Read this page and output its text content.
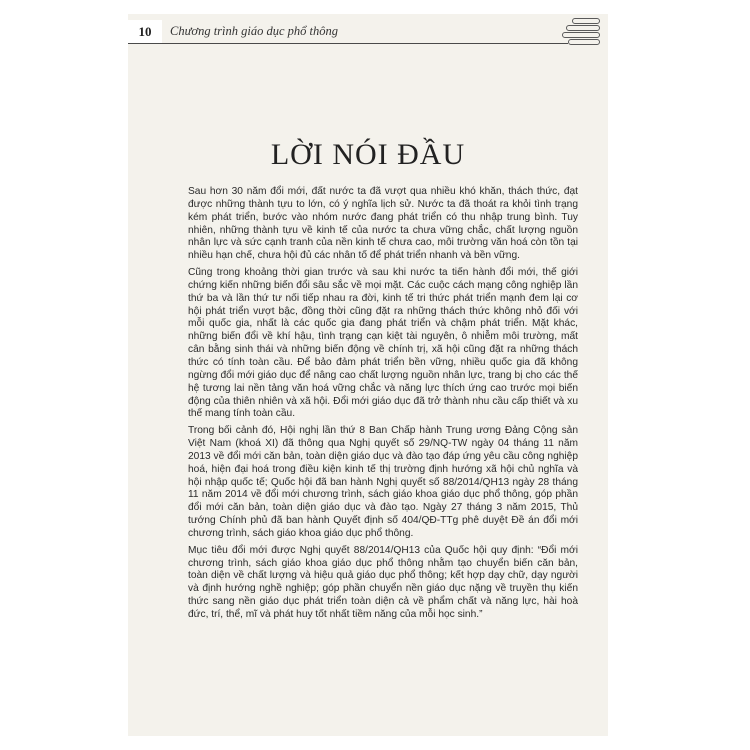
10	Chương trình giáo dục phổ thông
LỜI NÓI ĐẦU

Sau hơn 30 năm đổi mới, đất nước ta đã vượt qua nhiều khó khăn, thách thức, đạt được những thành tựu to lớn, có ý nghĩa lịch sử. Nước ta đã thoát ra khỏi tình trạng kém phát triển, bước vào nhóm nước đang phát triển có thu nhập trung bình. Tuy nhiên, những thành tựu về kinh tế của nước ta chưa vững chắc, chất lượng nguồn nhân lực và sức cạnh tranh của nền kinh tế chưa cao, môi trường văn hoá còn tồn tại nhiều hạn chế, chưa hội đủ các nhân tố để phát triển nhanh và bền vững.

Cũng trong khoảng thời gian trước và sau khi nước ta tiến hành đổi mới, thế giới chứng kiến những biến đổi sâu sắc về mọi mặt. Các cuộc cách mạng công nghiệp lần thứ ba và lần thứ tư nối tiếp nhau ra đời, kinh tế tri thức phát triển mạnh đem lại cơ hội phát triển vượt bậc, đồng thời cũng đặt ra những thách thức không nhỏ đối với mỗi quốc gia, nhất là các quốc gia đang phát triển và chậm phát triển. Mặt khác, những biến đổi về khí hậu, tình trạng cạn kiệt tài nguyên, ô nhiễm môi trường, mất cân bằng sinh thái và những biến động về chính trị, xã hội cũng đặt ra những thách thức có tính toàn cầu. Để bảo đảm phát triển bền vững, nhiều quốc gia đã không ngừng đổi mới giáo dục để nâng cao chất lượng nguồn nhân lực, trang bị cho các thế hệ tương lai nền tảng văn hoá vững chắc và năng lực thích ứng cao trước mọi biến động của thiên nhiên và xã hội. Đổi mới giáo dục đã trở thành nhu cầu cấp thiết và xu thế mang tính toàn cầu.

Trong bối cảnh đó, Hội nghị lần thứ 8 Ban Chấp hành Trung ương Đảng Cộng sản Việt Nam (khoá XI) đã thông qua Nghị quyết số 29/NQ-TW ngày 04 tháng 11 năm 2013 về đổi mới căn bản, toàn diện giáo dục và đào tạo đáp ứng yêu cầu công nghiệp hoá, hiện đại hoá trong điều kiện kinh tế thị trường định hướng xã hội chủ nghĩa và hội nhập quốc tế; Quốc hội đã ban hành Nghị quyết số 88/2014/QH13 ngày 28 tháng 11 năm 2014 về đổi mới chương trình, sách giáo khoa giáo dục phổ thông, góp phần đổi mới căn bản, toàn diện giáo dục và đào tạo. Ngày 27 tháng 3 năm 2015, Thủ tướng Chính phủ đã ban hành Quyết định số 404/QĐ-TTg phê duyệt Đề án đổi mới chương trình, sách giáo khoa giáo dục phổ thông.

Mục tiêu đổi mới được Nghị quyết 88/2014/QH13 của Quốc hội quy định: “Đổi mới chương trình, sách giáo khoa giáo dục phổ thông nhằm tạo chuyển biến căn bản, toàn diện về chất lượng và hiệu quả giáo dục phổ thông; kết hợp dạy chữ, dạy người và định hướng nghề nghiệp; góp phần chuyển nền giáo dục nặng về truyền thụ kiến thức sang nền giáo dục phát triển toàn diện cả về phẩm chất và năng lực, hài hoà đức, trí, thể, mĩ và phát huy tốt nhất tiềm năng của mỗi học sinh.”
